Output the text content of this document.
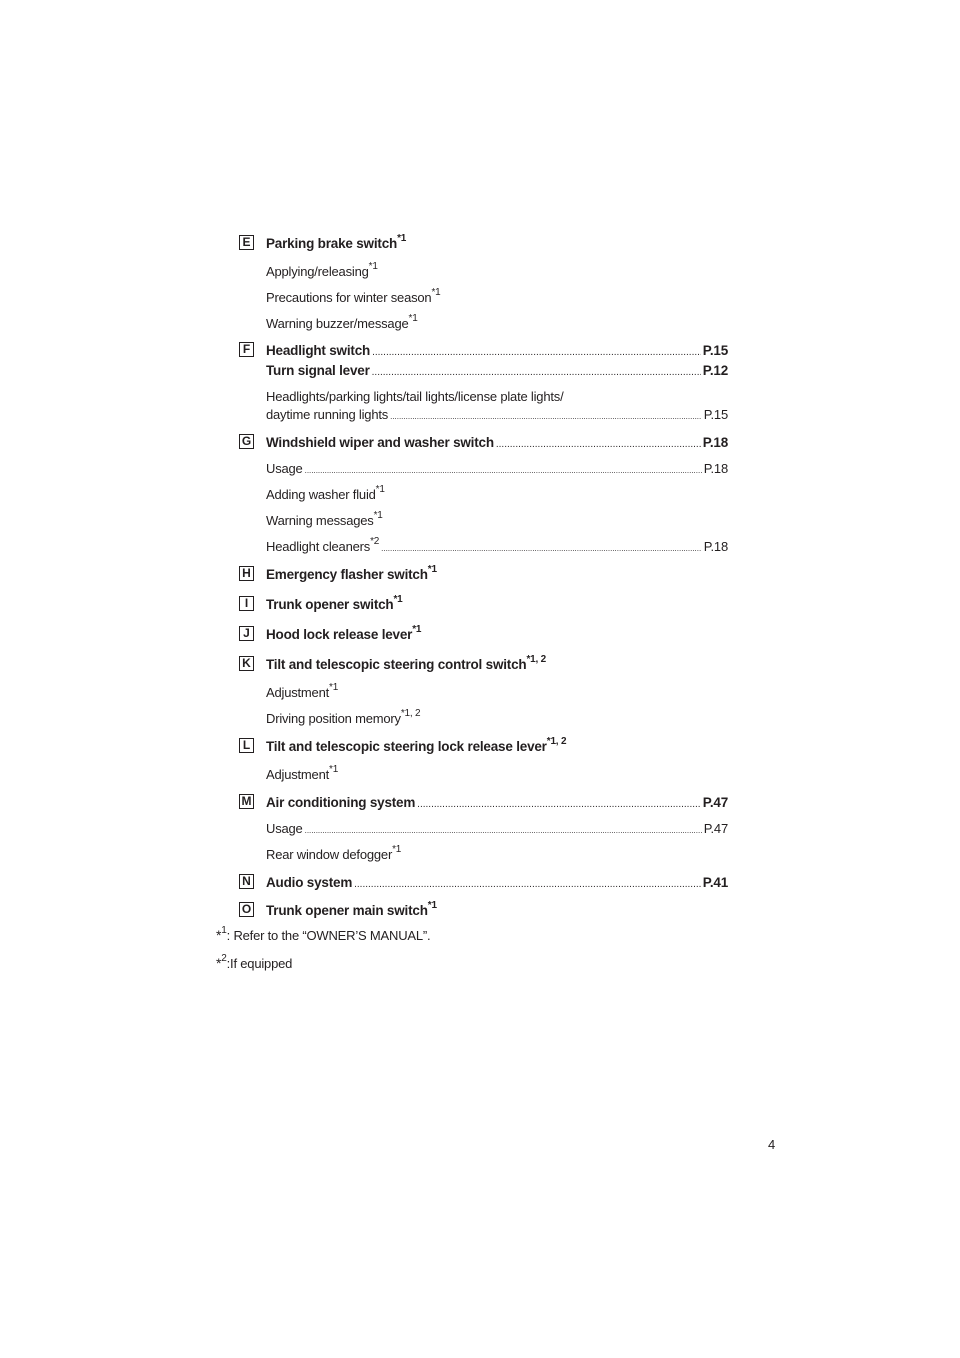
E Parking brake switch$^{*1}$
Applying/releasing$^{*1}$
Precautions for winter season$^{*1}$
Warning buzzer/message$^{*1}$
F Headlight switch .....	P.15
Turn signal lever .....	P.12
Headlights/parking lights/tail lights/license plate lights/
daytime running lights .....	P.15
G Windshield wiper and washer switch .....	P.18
Usage .....	P.18
Adding washer fluid$^{*1}$
Warning messages$^{*1}$
Headlight cleaners$^{*2}$ .....	P.18
H Emergency flasher switch$^{*1}$
I	Trunk opener switch$^{*1}$
J	Hood lock release lever$^{*1}$
K Tilt and telescopic steering control switch$^{*1, 2}$
Adjustment$^{*1}$
Driving position memory$^{*1, 2}$
L Tilt and telescopic steering lock release lever$^{*1, 2}$
Adjustment$^{*1}$
M Air conditioning system .....	P.47
Usage .....	P.47
Rear window defogger$^{*1}$
N Audio system .....	P.41
O Trunk opener main switch$^{*1}$
*$^1$: Refer to the “OWNER’S MANUAL”.
*$^2$:If equipped
4
